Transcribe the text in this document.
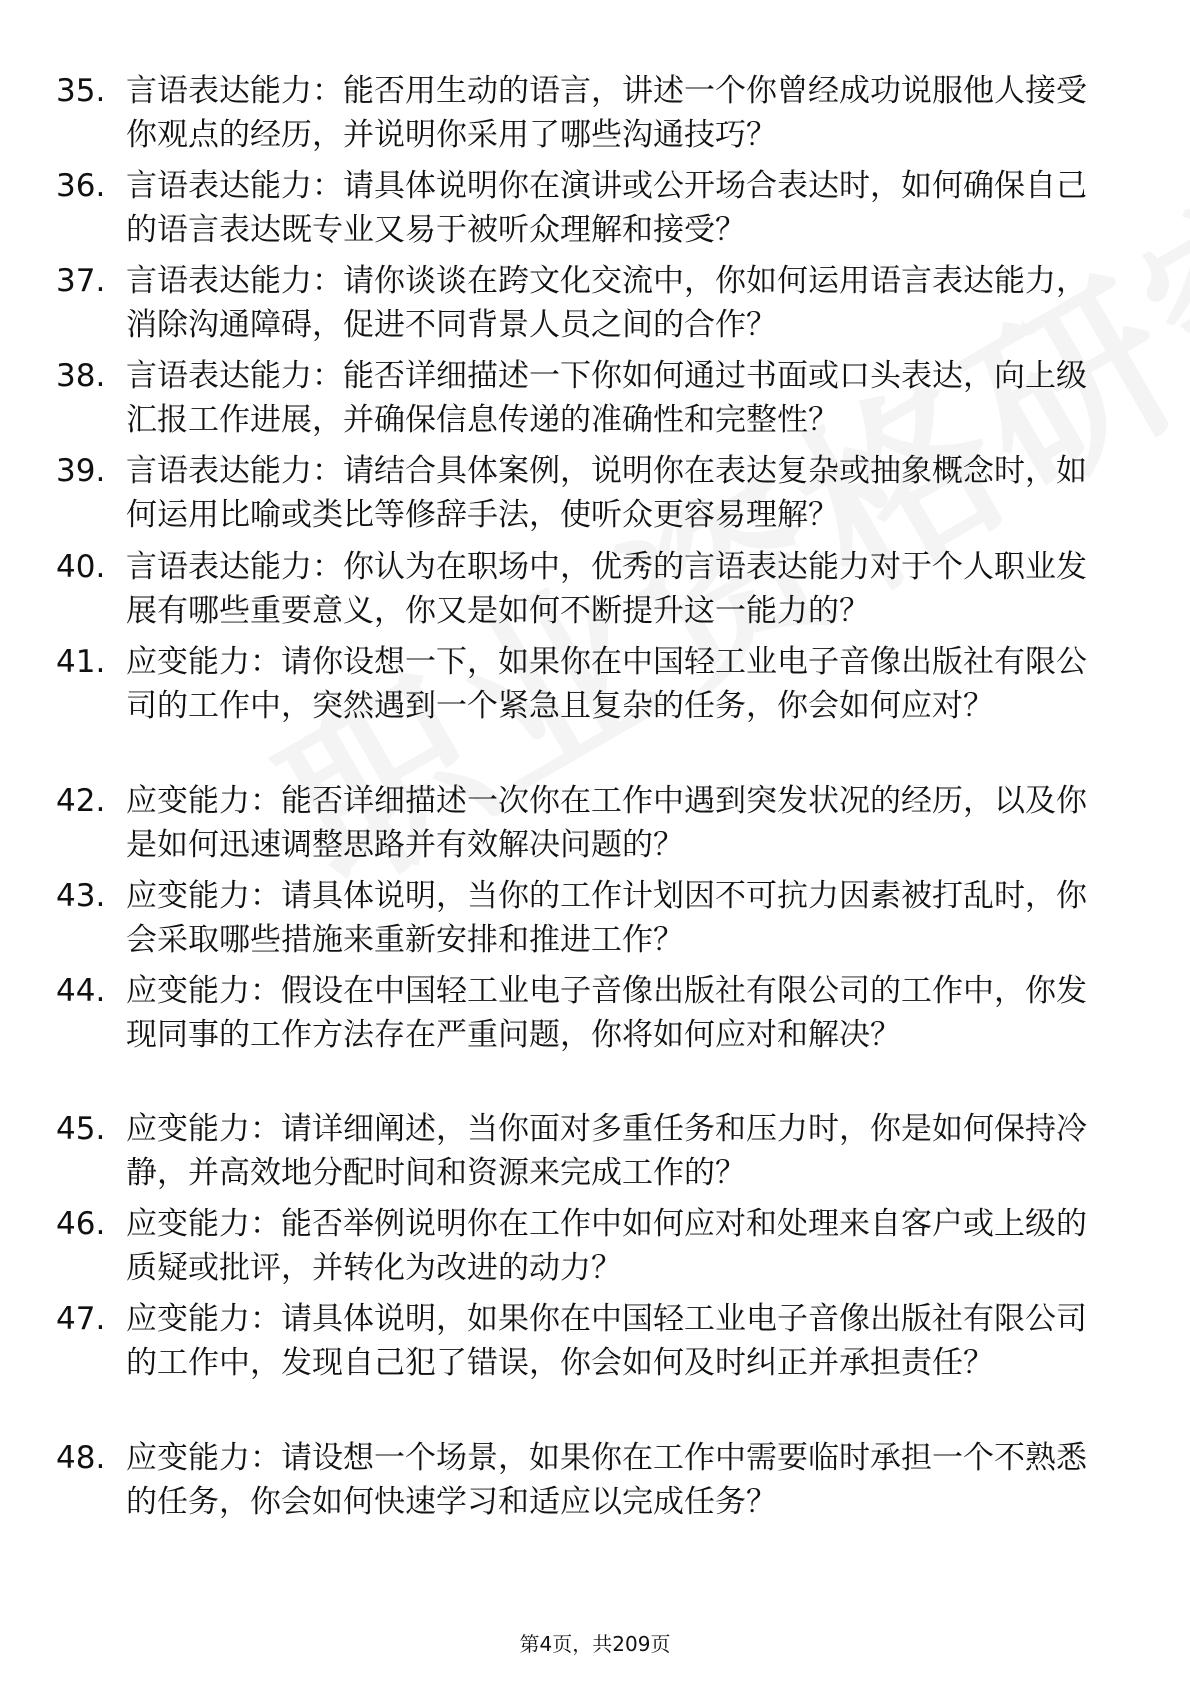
35. 言语表达能力：能否用生动的语言，讲述一个你曾经成功说服他人接受你观点的经历，并说明你采用了哪些沟通技巧？
36. 言语表达能力：请具体说明你在演讲或公开场合表达时，如何确保自己的语言表达既专业又易于被听众理解和接受？
37. 言语表达能力：请你谈谈在跨文化交流中，你如何运用语言表达能力，消除沟通障碍，促进不同背景人员之间的合作？
38. 言语表达能力：能否详细描述一下你如何通过书面或口头表达，向上级汇报工作进展，并确保信息传递的准确性和完整性？
39. 言语表达能力：请结合具体案例，说明你在表达复杂或抽象概念时，如何运用比喻或类比等修辞手法，使听众更容易理解？
40. 言语表达能力：你认为在职场中，优秀的言语表达能力对于个人职业发展有哪些重要意义，你又是如何不断提升这一能力的？
41. 应变能力：请你设想一下，如果你在中国轻工业电子音像出版社有限公司的工作中，突然遇到一个紧急且复杂的任务，你会如何应对？
42. 应变能力：能否详细描述一次你在工作中遇到突发状况的经历，以及你是如何迅速调整思路并有效解决问题的？
43. 应变能力：请具体说明，当你的工作计划因不可抗力因素被打乱时，你会采取哪些措施来重新安排和推进工作？
44. 应变能力：假设在中国轻工业电子音像出版社有限公司的工作中，你发现同事的工作方法存在严重问题，你将如何应对和解决？
45. 应变能力：请详细阐述，当你面对多重任务和压力时，你是如何保持冷静，并高效地分配时间和资源来完成工作的？
46. 应变能力：能否举例说明你在工作中如何应对和处理来自客户或上级的质疑或批评，并转化为改进的动力？
47. 应变能力：请具体说明，如果你在中国轻工业电子音像出版社有限公司的工作中，发现自己犯了错误，你会如何及时纠正并承担责任？
48. 应变能力：请设想一个场景，如果你在工作中需要临时承担一个不熟悉的任务，你会如何快速学习和适应以完成任务？
第4页，共209页
